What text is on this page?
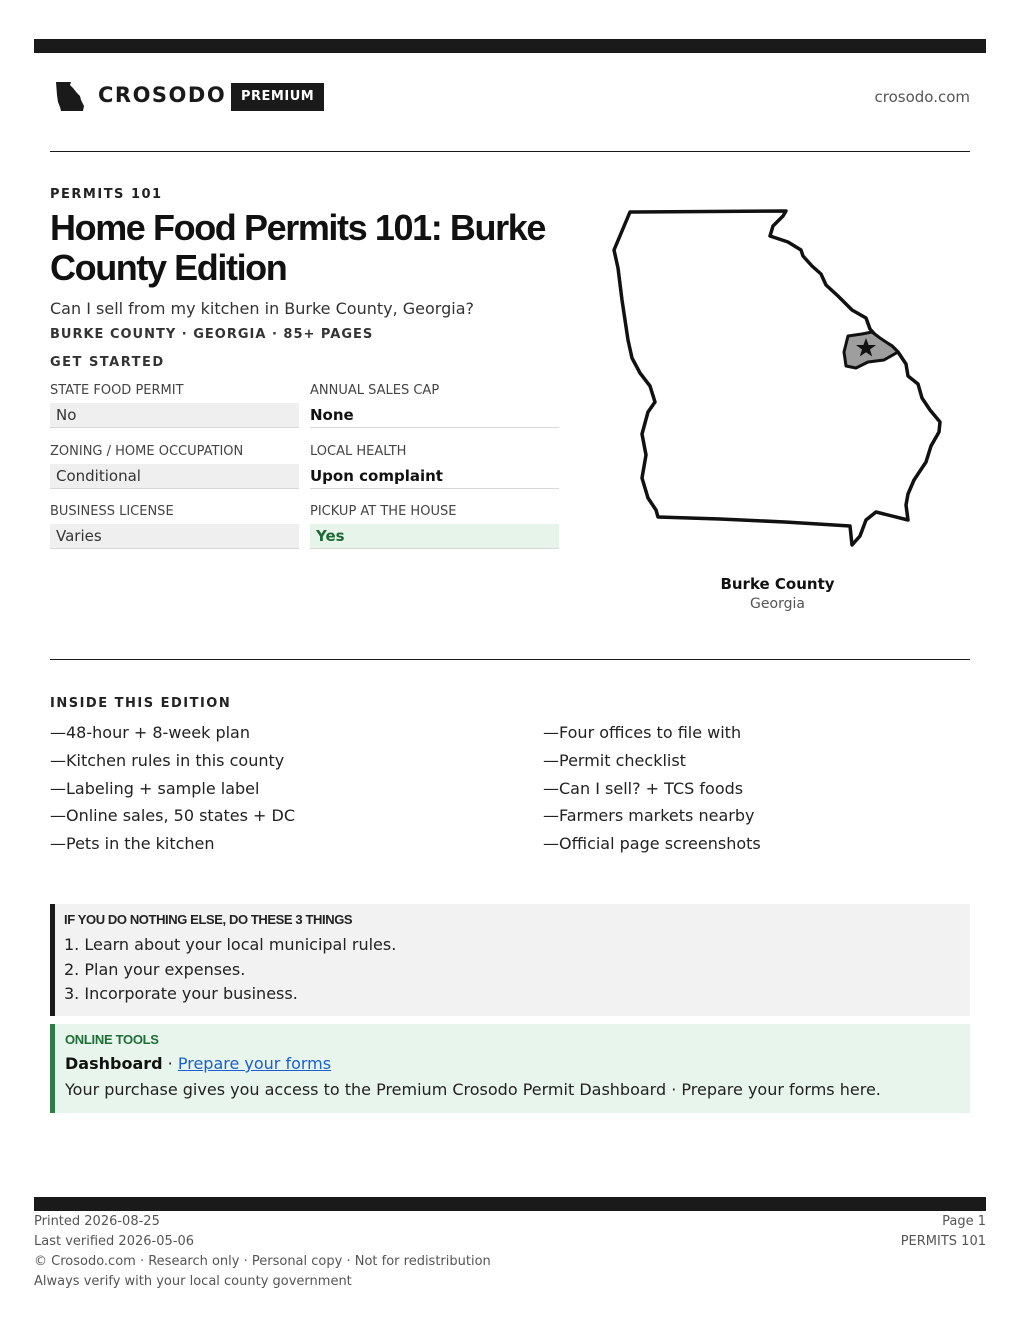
CROSODO	PREMIUM	crosodo.com
PERMITS 101
Home Food Permits 101: Burke County Edition
Can I sell from my kitchen in Burke County, Georgia?
BURKE COUNTY · GEORGIA · 85+ PAGES
GET STARTED
STATE FOOD PERMIT
No
ANNUAL SALES CAP
None
ZONING / HOME OCCUPATION
Conditional
LOCAL HEALTH
Upon complaint
BUSINESS LICENSE
Varies
PICKUP AT THE HOUSE
Yes
Burke County
Georgia
INSIDE THIS EDITION
—48-hour + 8-week plan
—Kitchen rules in this county
—Labeling + sample label
—Online sales, 50 states + DC
—Pets in the kitchen
—Four offices to file with
—Permit checklist
—Can I sell? + TCS foods
—Farmers markets nearby
—Official page screenshots
IF YOU DO NOTHING ELSE, DO THESE 3 THINGS
1. Learn about your local municipal rules.
2. Plan your expenses.
3. Incorporate your business.
ONLINE TOOLS
Dashboard · Prepare your forms
Your purchase gives you access to the Premium Crosodo Permit Dashboard · Prepare your forms here.
Printed 2026-08-25
Last verified 2026-05-06
© Crosodo.com · Research only · Personal copy · Not for redistribution
Always verify with your local county government
Page 1
PERMITS 101
